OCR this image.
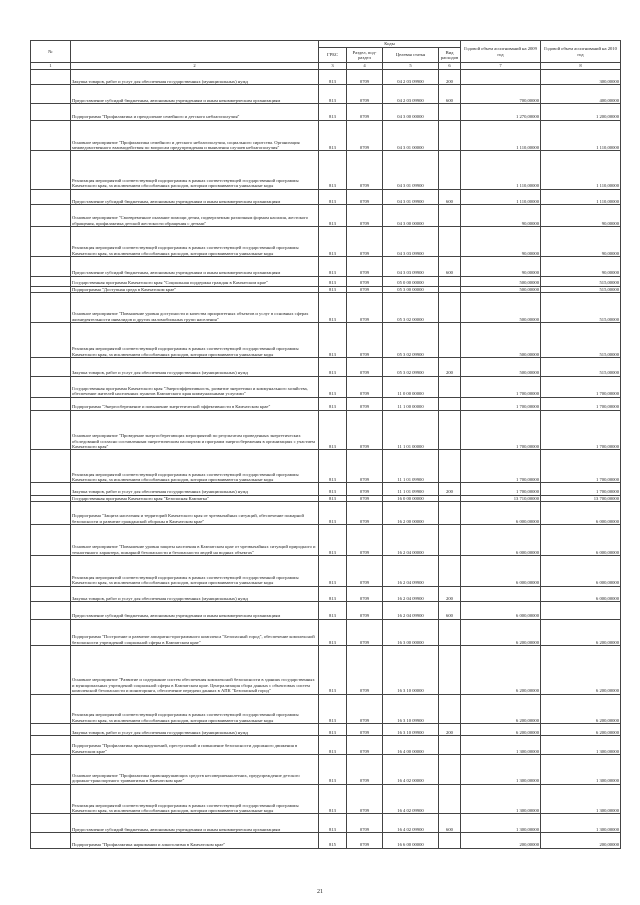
№		Коды				Годовой объем ассигнований на 2009 год	Годовой объем ассигнований на 2010 год
		ГРБС	Раздел, под-раздел	Целевая статья	Вид расходов		
1	2	3	4	5	6	7	8
	Закупка товаров, работ и услуг для обеспечения государственных (муниципальных) нужд	813	0709	04 2 03 09900	200		300,00000
	Предоставление субсидий бюджетным, автономным учреждениям и иным некоммерческим организациям	813	0709	04 2 03 09900	600	700,00000	400,00000
	Подпрограмма "Профилактика и преодоление семейного и детского неблагополучия"	813	0709	04 3 00 00000		1 270,00000	1 200,00000
	Основное мероприятие "Профилактика семейного и детского неблагополучия, социального сиротства. Организация межведомственного взаимодействия по вопросам предупреждения и выявления случаев неблагополучия"	813	0709	04 3 01 00000		1 110,00000	1 110,00000
	Реализация мероприятий соответствующей подпрограммы в рамках соответствующей государственной программы Камчатского края, за исключением обособленных расходов, которым присваиваются уникальные коды	813	0709	04 3 01 09900		1 110,00000	1 110,00000
	Предоставление субсидий бюджетным, автономным учреждениям и иным некоммерческим организациям	813	0709	04 3 01 09900	600	1 110,00000	1 110,00000
	Основное мероприятие "Своевременное оказание помощи детям, подвергаемым различным формам насилия, жестокого обращения, профилактика детской жестокости обращения с детьми"	813	0709	04 3 00 00000		90,00000	90,00000
	Реализация мероприятий соответствующей подпрограммы в рамках соответствующей государственной программы Камчатского края, за исключением обособленных расходов, которым присваиваются уникальные коды	813	0709	04 3 03 09900		90,00000	90,00000
	Предоставление субсидий бюджетным, автономным учреждениям и иным некоммерческим организациям	813	0709	04 3 03 09900	600	90,00000	90,00000
	Государственная программа Камчатского края "Социальная поддержка граждан в Камчатском крае"	813	0709	05 0 00 00000		500,00000	515,00000
	Подпрограмма "Доступная среда в Камчатском крае"	813	0709	05 3 00 00000		500,00000	515,00000
	Основное мероприятие "Повышение уровня доступности и качества приоритетных объектов и услуг в основных сферах жизнедеятельности инвалидов и других маломобильных групп населения"	813	0709	05 3 02 00000		500,00000	515,00000
	Реализация мероприятий соответствующей подпрограммы в рамках соответствующей государственной программы Камчатского края, за исключением обособленных расходов, которым присваиваются уникальные коды	813	0709	05 3 02 09900		500,00000	515,00000
	Закупка товаров, работ и услуг для обеспечения государственных (муниципальных) нужд	813	0709	05 3 02 09900	200	500,00000	515,00000
	Государственная программа Камчатского края "Энергоэффективность, развитие энергетики и коммунального хозяйства, обеспечение жителей населенных пунктов Камчатского края коммунальными услугами"	813	0709	11 0 00 00000		1 700,00000	1 700,00000
	Подпрограмма "Энергосбережение и повышение энергетической эффективности в Камчатском крае"	813	0709	11 1 00 00000		1 700,00000	1 700,00000
	Основное мероприятие "Проведение энергосберегающих мероприятий по результатам проведенных энергетических обследований согласно составленным энергетическим паспортам и программ энергосбережения в организациях с участием Камчатского края"	813	0709	11 1 01 00000		1 700,00000	1 700,00000
	Реализация мероприятий соответствующей подпрограммы в рамках соответствующей государственной программы Камчатского края, за исключением обособленных расходов, которым присваиваются уникальные коды	813	0709	11 1 01 09900		1 700,00000	1 700,00000
	Закупка товаров, работ и услуг для обеспечения государственных (муниципальных) нужд	813	0709	11 1 01 09900	200	1 700,00000	1 700,00000
	Государственная программа Камчатского края "Безопасная Камчатка"	813	0709	16 0 00 00000		13 710,00000	13 700,00000
	Подпрограмма "Защита населения и территорий Камчатского края от чрезвычайных ситуаций, обеспечение пожарной безопасности и развитие гражданской обороны в Камчатском крае"	813	0709	16 2 00 00000		6 000,00000	6 000,00000
	Основное мероприятие "Повышение уровня защиты населения в Камчатском крае от чрезвычайных ситуаций природного и техногенного характера, пожарной безопасности и безопасности людей на водных объектах"	813	0709	16 2 04 00000		6 000,00000	6 000,00000
	Реализация мероприятий соответствующей подпрограммы в рамках соответствующей государственной программы Камчатского края, за исключением обособленных расходов, которым присваиваются уникальные коды	813	0709	16 2 04 09900		6 000,00000	6 000,00000
	Закупка товаров, работ и услуг для обеспечения государственных (муниципальных) нужд	813	0709	16 2 04 09900	200		6 000,00000
	Предоставление субсидий бюджетным, автономным учреждениям и иным некоммерческим организациям	813	0709	16 2 04 09900	600	6 000,00000	
	Подпрограмма "Построение и развитие аппаратно-программного комплекса "Безопасный город", обеспечение комплексной безопасности учреждений социальной сферы в Камчатском крае"	813	0709	16 3 00 00000		6 200,00000	6 200,00000
	Основное мероприятие "Развитие и содержание систем обеспечения комплексной безопасности в зданиях государственных и муниципальных учреждений социальной сферы в Камчатском крае. Централизация сбора данных с объектовых систем комплексной безопасности и мониторинга, обеспечение передачи данных в АПК "Безопасный город"	813	0709	16 3 10 00000		6 200,00000	6 200,00000
	Реализация мероприятий соответствующей подпрограммы в рамках соответствующей государственной программы Камчатского края, за исключением обособленных расходов, которым присваиваются уникальные коды	813	0709	16 3 10 09900		6 200,00000	6 200,00000
	Закупка товаров, работ и услуг для обеспечения государственных (муниципальных) нужд	813	0709	16 3 10 09900	200	6 200,00000	6 200,00000
	Подпрограмма "Профилактика правонарушений, преступлений и повышение безопасности дорожного движения в Камчатском крае"	813	0709	16 4 00 00000		1 300,00000	1 300,00000
	Основное мероприятие "Профилактика правонарушающих средств несовершеннолетних, предупреждение детского дорожно-транспортного травматизма в Камчатском крае"	813	0709	16 4 02 00000		1 300,00000	1 300,00000
	Реализация мероприятий соответствующей подпрограммы в рамках соответствующей государственной программы Камчатского края, за исключением обособленных расходов, которым присваиваются уникальные коды	813	0709	16 4 02 09900		1 300,00000	1 300,00000
	Предоставление субсидий бюджетным, автономным учреждениям и иным некоммерческим организациям	813	0709	16 4 02 09900	600	1 300,00000	1 300,00000
	Подпрограмма "Профилактика наркомании и алкоголизма в Камчатском крае"	815	0709	16 6 00 00000		200,00000	200,00000
21
